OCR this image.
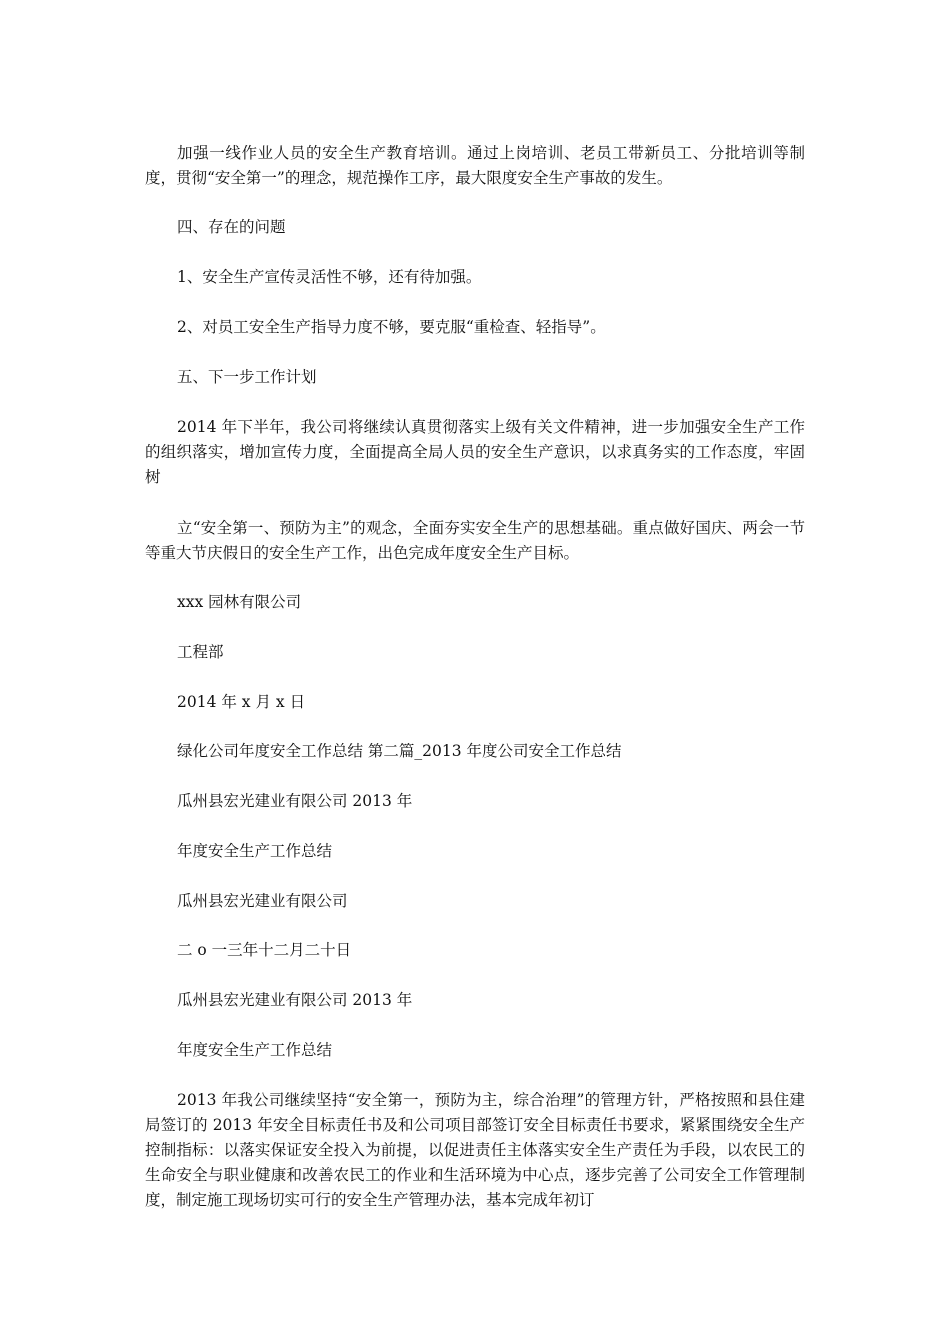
加强一线作业人员的安全生产教育培训。通过上岗培训、老员工带新员工、分批培训等制度，贯彻“安全第一”的理念，规范操作工序，最大限度安全生产事故的发生。

四、存在的问题

1、安全生产宣传灵活性不够，还有待加强。

2、对员工安全生产指导力度不够，要克服“重检查、轻指导”。

五、下一步工作计划

2014 年下半年，我公司将继续认真贯彻落实上级有关文件精神，进一步加强安全生产工作的组织落实，增加宣传力度，全面提高全局人员的安全生产意识，以求真务实的工作态度，牢固树

立“安全第一、预防为主”的观念，全面夯实安全生产的思想基础。重点做好国庆、两会一节等重大节庆假日的安全生产工作，出色完成年度安全生产目标。

xxx 园林有限公司

工程部

2014 年 x 月 x 日

绿化公司年度安全工作总结 第二篇_2013 年度公司安全工作总结

瓜州县宏光建业有限公司 2013 年

年度安全生产工作总结

瓜州县宏光建业有限公司

二 o 一三年十二月二十日

瓜州县宏光建业有限公司 2013 年

年度安全生产工作总结

2013 年我公司继续坚持“安全第一，预防为主，综合治理”的管理方针，严格按照和县住建局签订的 2013 年安全目标责任书及和公司项目部签订安全目标责任书要求，紧紧围绕安全生产控制指标：以落实保证安全投入为前提，以促进责任主体落实安全生产责任为手段，以农民工的生命安全与职业健康和改善农民工的作业和生活环境为中心点，逐步完善了公司安全工作管理制度，制定施工现场切实可行的安全生产管理办法，基本完成年初订
